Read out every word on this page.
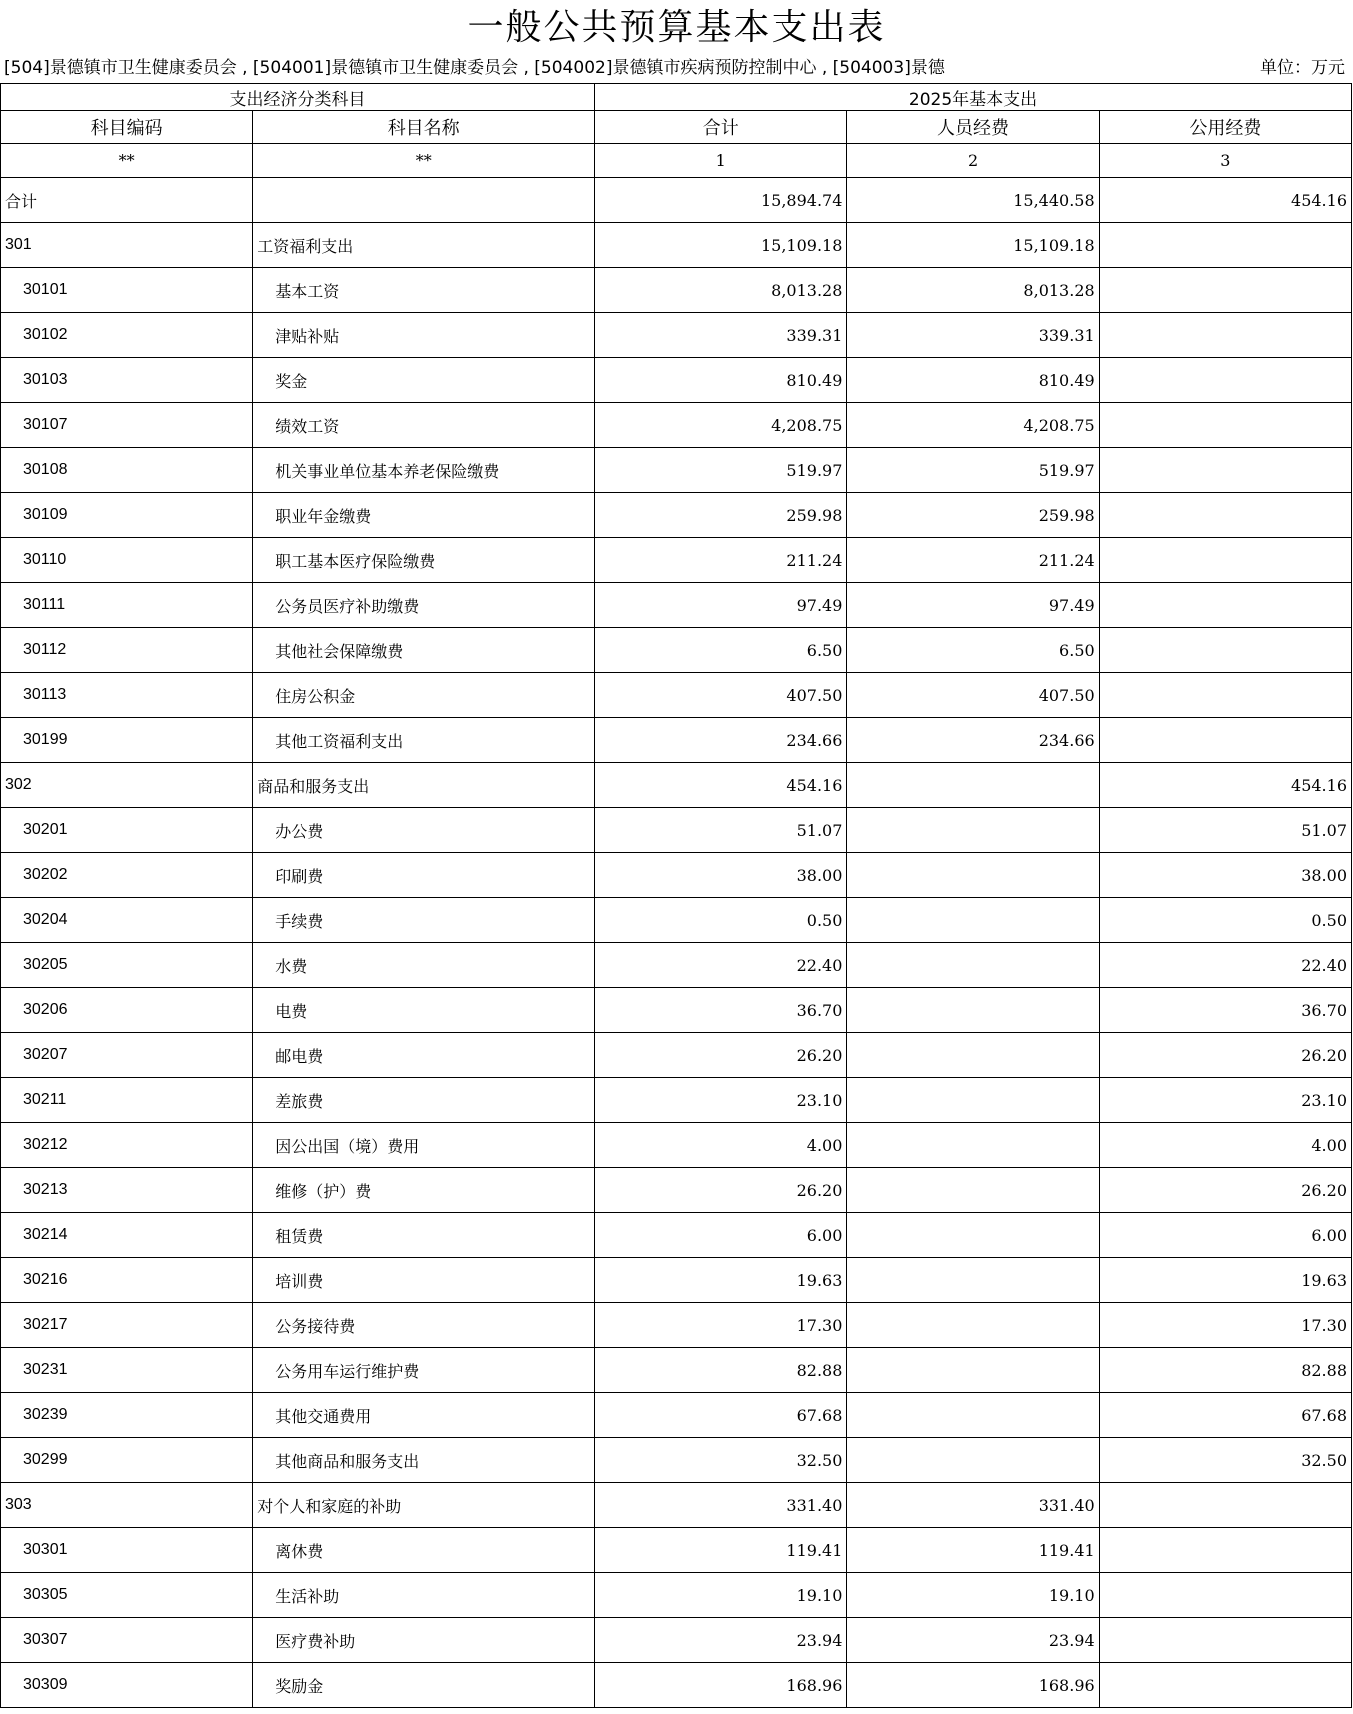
一般公共预算基本支出表
[504]景德镇市卫生健康委员会 , [504001]景德镇市卫生健康委员会 , [504002]景德镇市疾病预防控制中心 , [504003]景德	单位：万元
支出经济分类科目		2025年基本支出		
科目编码	科目名称	合计	人员经费	公用经费
**	**	1	2	3
合计		15,894.74	15,440.58	454.16
301	工资福利支出	15,109.18	15,109.18	
30101	基本工资	8,013.28	8,013.28	
30102	津贴补贴	339.31	339.31	
30103	奖金	810.49	810.49	
30107	绩效工资	4,208.75	4,208.75	
30108	机关事业单位基本养老保险缴费	519.97	519.97	
30109	职业年金缴费	259.98	259.98	
30110	职工基本医疗保险缴费	211.24	211.24	
30111	公务员医疗补助缴费	97.49	97.49	
30112	其他社会保障缴费	6.50	6.50	
30113	住房公积金	407.50	407.50	
30199	其他工资福利支出	234.66	234.66	
302	商品和服务支出	454.16		454.16
30201	办公费	51.07		51.07
30202	印刷费	38.00		38.00
30204	手续费	0.50		0.50
30205	水费	22.40		22.40
30206	电费	36.70		36.70
30207	邮电费	26.20		26.20
30211	差旅费	23.10		23.10
30212	因公出国（境）费用	4.00		4.00
30213	维修（护）费	26.20		26.20
30214	租赁费	6.00		6.00
30216	培训费	19.63		19.63
30217	公务接待费	17.30		17.30
30231	公务用车运行维护费	82.88		82.88
30239	其他交通费用	67.68		67.68
30299	其他商品和服务支出	32.50		32.50
303	对个人和家庭的补助	331.40	331.40	
30301	离休费	119.41	119.41	
30305	生活补助	19.10	19.10	
30307	医疗费补助	23.94	23.94	
30309	奖励金	168.96	168.96	
